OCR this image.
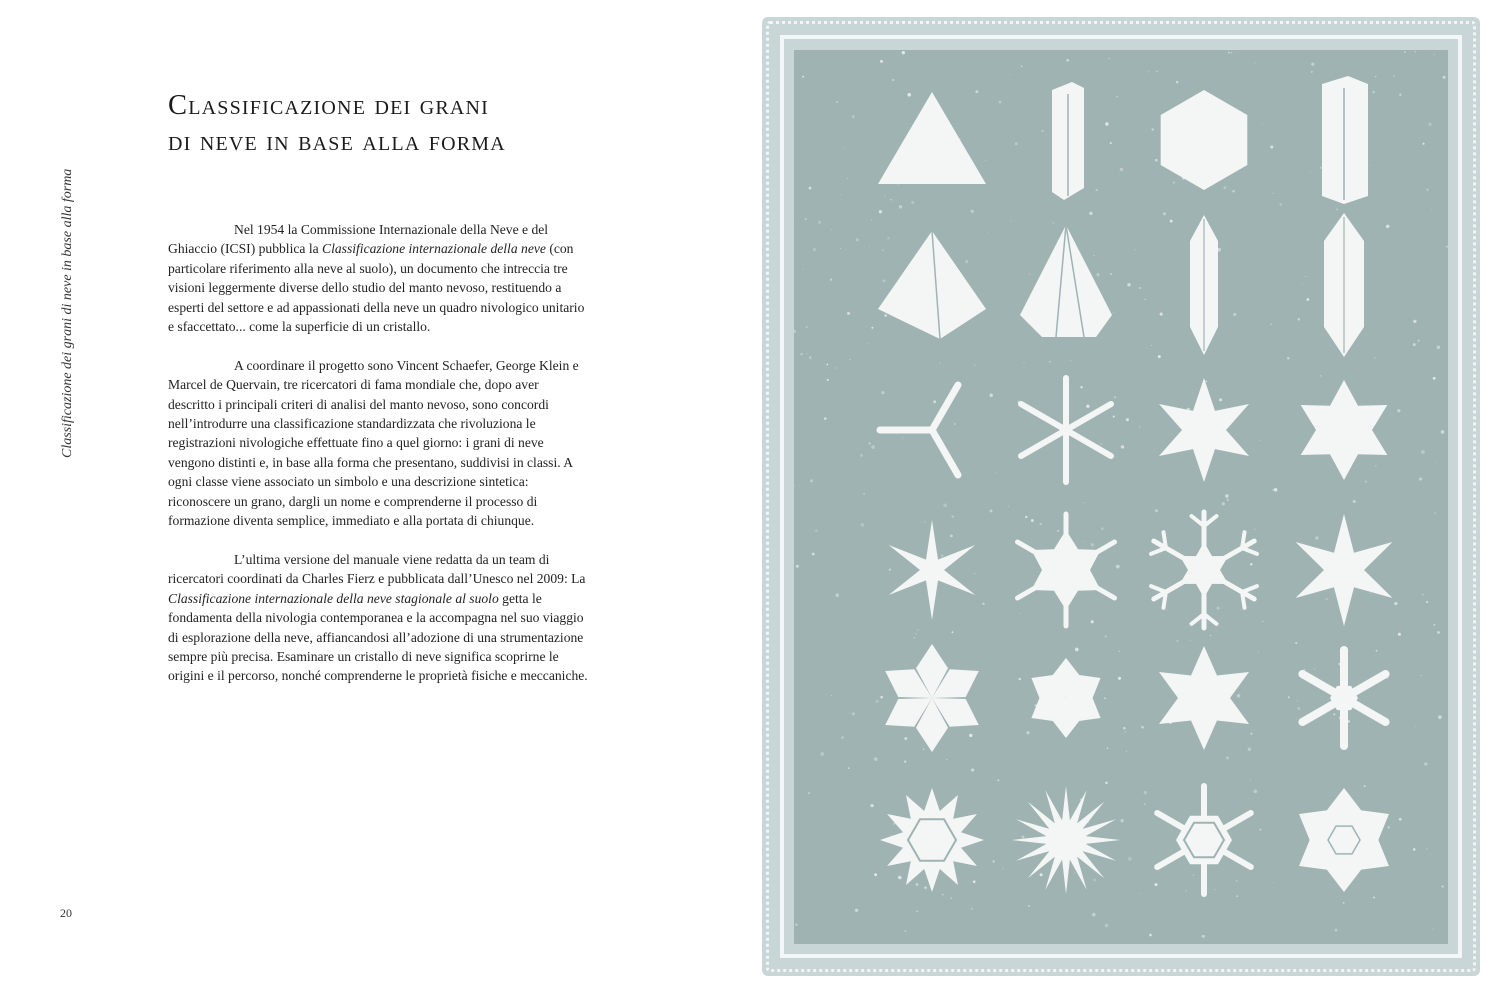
Classificazione dei grani di neve in base alla forma
Classificazione dei grani
di neve in base alla forma

Nel 1954 la Commissione Internazionale della Neve e del Ghiaccio (ICSI) pubblica la Classificazione internazionale della neve (con particolare riferimento alla neve al suolo), un documento che intreccia tre visioni leggermente diverse dello studio del manto nevoso, restituendo a esperti del settore e ad appassionati della neve un quadro nivologico unitario e sfaccettato... come la superficie di un cristallo.

A coordinare il progetto sono Vincent Schaefer, George Klein e Marcel de Quervain, tre ricercatori di fama mondiale che, dopo aver descritto i principali criteri di analisi del manto nevoso, sono concordi nell’introdurre una classificazione standardizzata che rivoluziona le registrazioni nivologiche effettuate fino a quel giorno: i grani di neve vengono distinti e, in base alla forma che presentano, suddivisi in classi. A ogni classe viene associato un simbolo e una descrizione sintetica: riconoscere un grano, dargli un nome e comprenderne il processo di formazione diventa semplice, immediato e alla portata di chiunque.

L’ultima versione del manuale viene redatta da un team di ricercatori coordinati da Charles Fierz e pubblicata dall’Unesco nel 2009: La Classificazione internazionale della neve stagionale al suolo getta le fondamenta della nivologia contemporanea e la accompagna nel suo viaggio di esplorazione della neve, affiancandosi all’adozione di una strumentazione sempre più precisa. Esaminare un cristallo di neve significa scoprirne le origini e il percorso, nonché comprenderne le proprietà fisiche e meccaniche.

20
